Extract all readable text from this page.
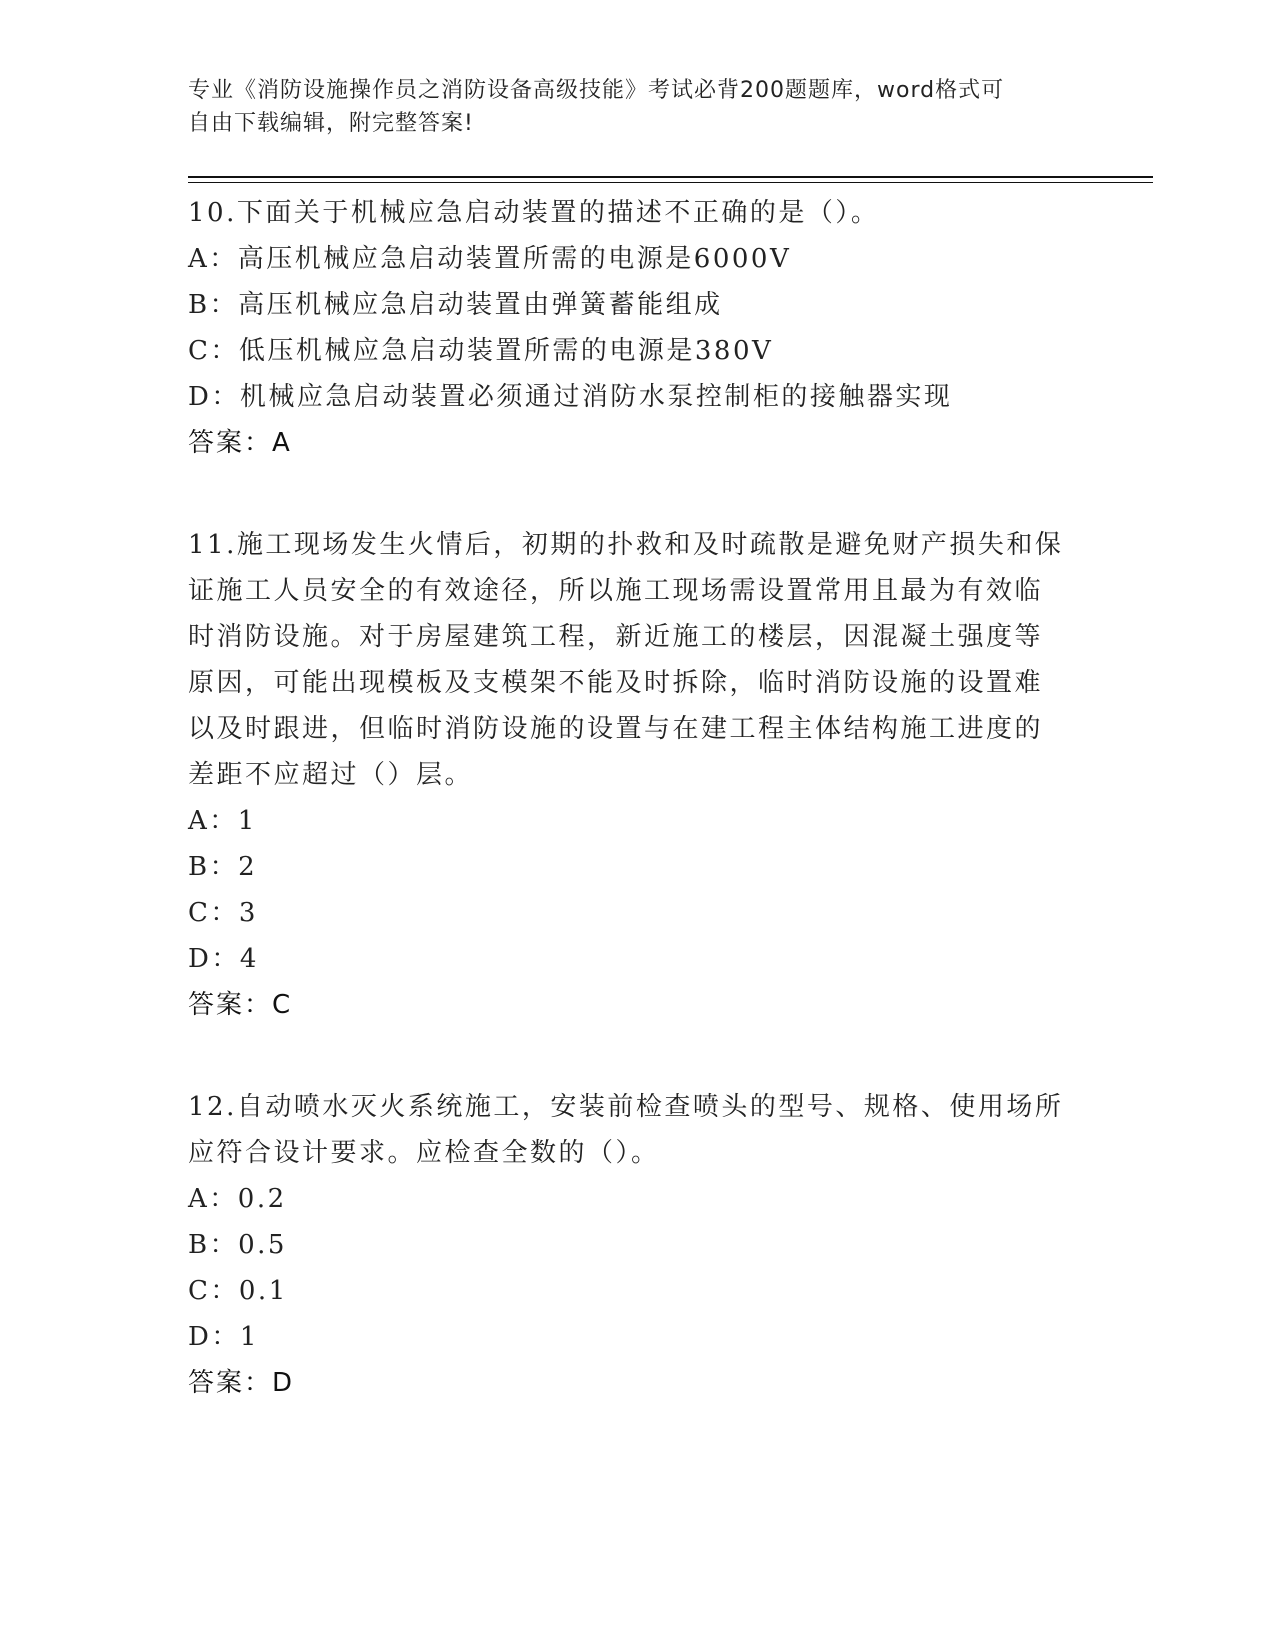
专业《消防设施操作员之消防设备高级技能》考试必背200题题库，word格式可
自由下载编辑，附完整答案!

10.下面关于机械应急启动装置的描述不正确的是（）。

A：高压机械应急启动装置所需的电源是6000V

B：高压机械应急启动装置由弹簧蓄能组成

C：低压机械应急启动装置所需的电源是380V

D：机械应急启动装置必须通过消防水泵控制柜的接触器实现

答案：A

11.施工现场发生火情后，初期的扑救和及时疏散是避免财产损失和保

证施工人员安全的有效途径，所以施工现场需设置常用且最为有效临

时消防设施。对于房屋建筑工程，新近施工的楼层，因混凝土强度等

原因，可能出现模板及支模架不能及时拆除，临时消防设施的设置难

以及时跟进，但临时消防设施的设置与在建工程主体结构施工进度的

差距不应超过（）层。

A：1

B：2

C：3

D：4

答案：C

12.自动喷水灭火系统施工，安装前检查喷头的型号、规格、使用场所

应符合设计要求。应检查全数的（）。

A：0.2

B：0.5

C：0.1

D：1

答案：D
